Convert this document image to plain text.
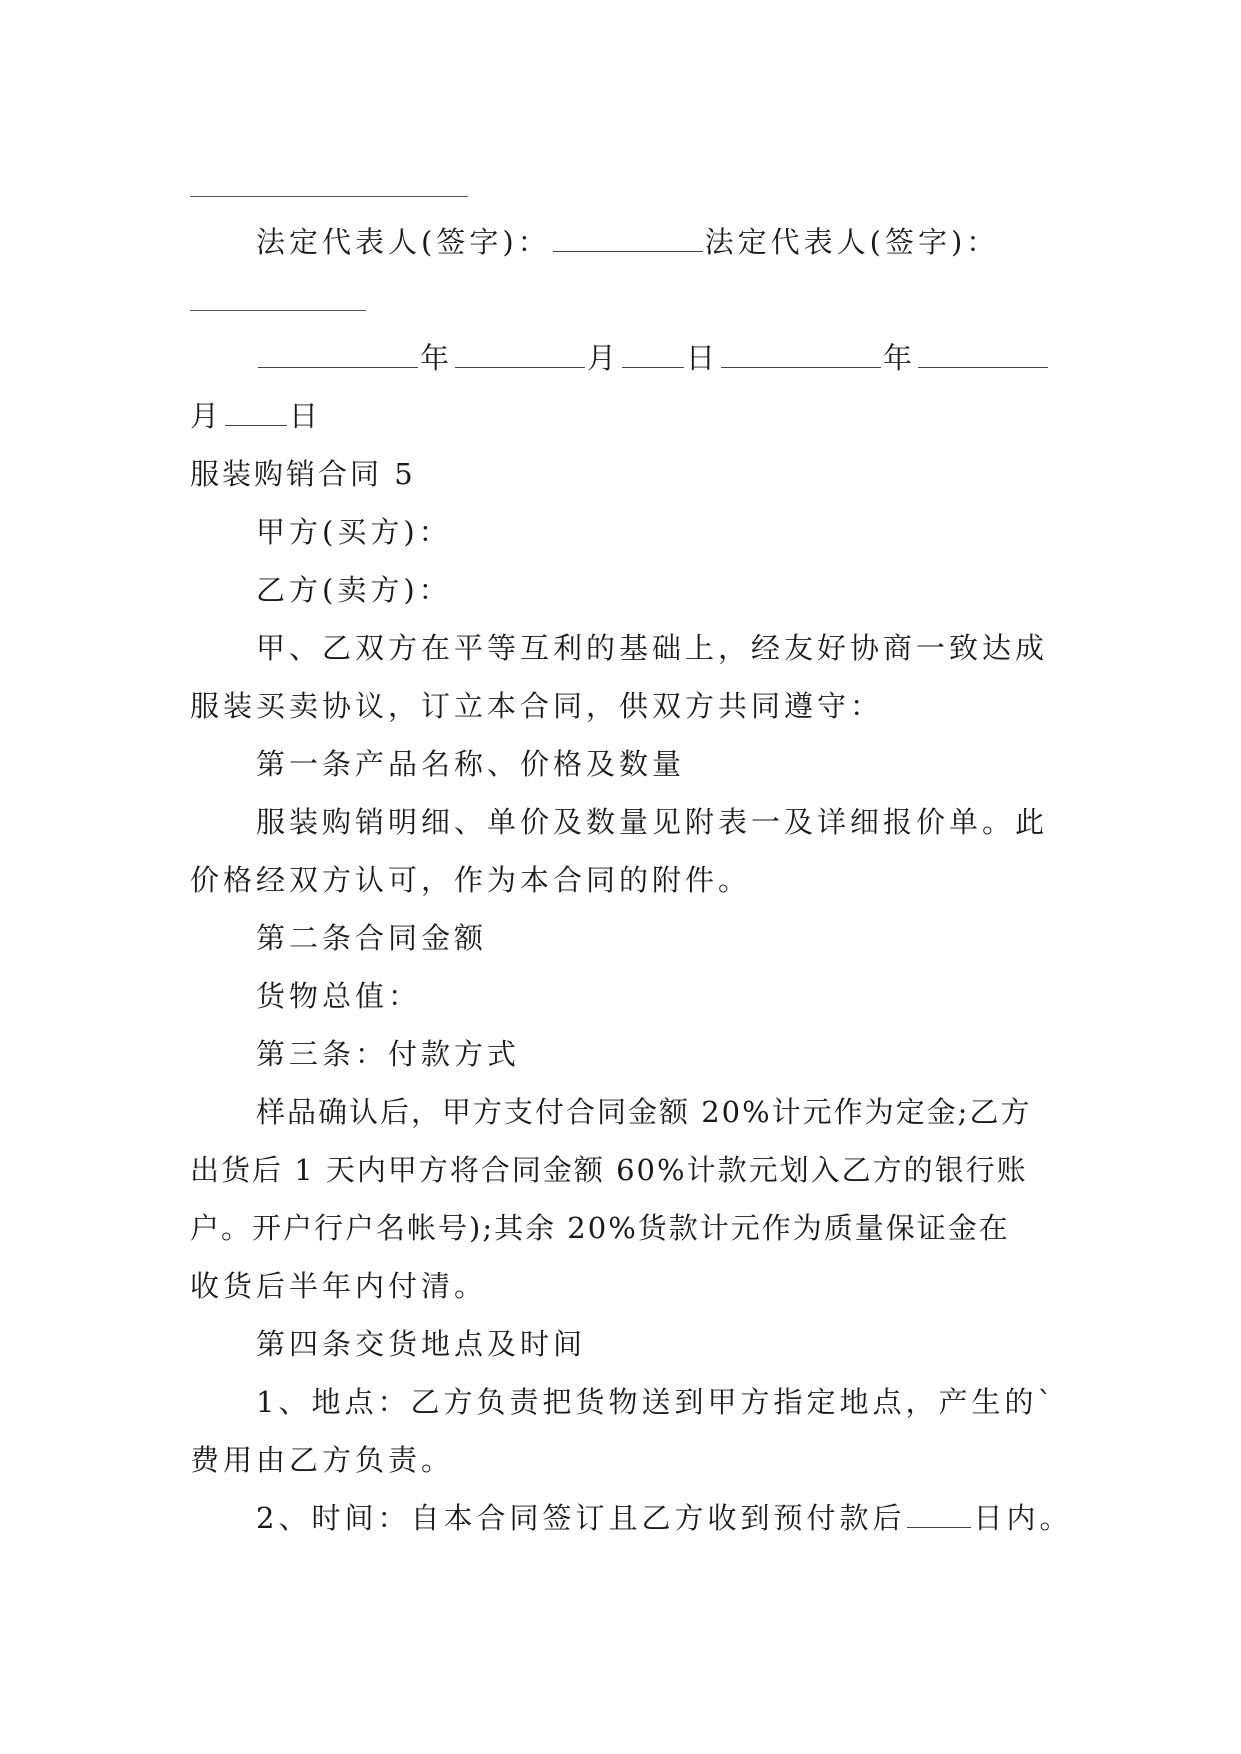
法定代表人(签字)：	法定代表人(签字)：
年	月 日	年
月 日
服装购销合同 5
甲方(买方)：
乙方(卖方)：
甲、乙双方在平等互利的基础上，经友好协商一致达成
服装买卖协议，订立本合同，供双方共同遵守：
第一条产品名称、价格及数量
服装购销明细、单价及数量见附表一及详细报价单。此
价格经双方认可，作为本合同的附件。
第二条合同金额
货物总值：
第三条：付款方式
样品确认后，甲方支付合同金额 20%计元作为定金;乙方
出货后 1 天内甲方将合同金额 60%计款元划入乙方的银行账
户。开户行户名帐号);其余 20%货款计元作为质量保证金在
收货后半年内付清。
第四条交货地点及时间
1、地点：乙方负责把货物送到甲方指定地点，产生的`
费用由乙方负责。
2、时间：自本合同签订且乙方收到预付款后 日内。
